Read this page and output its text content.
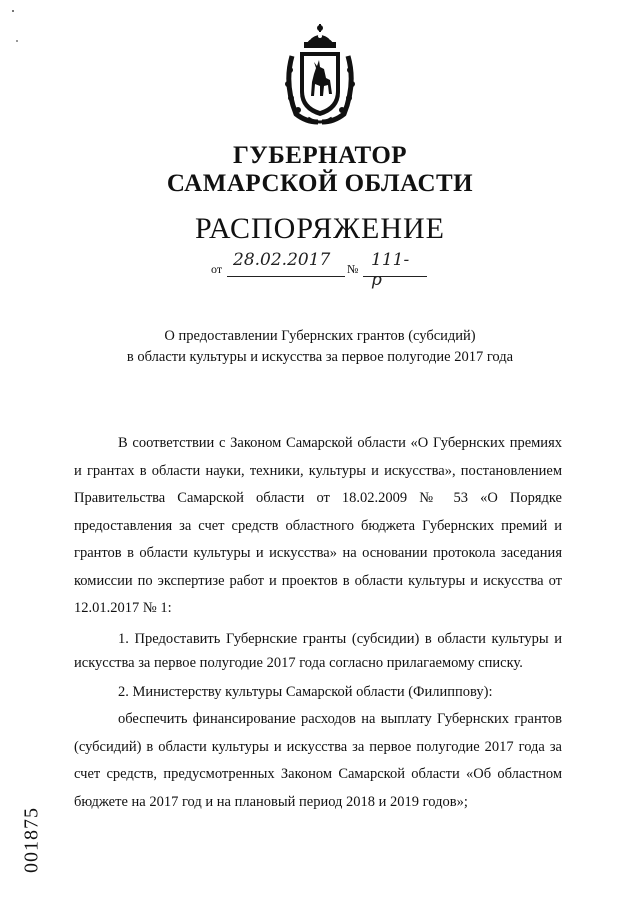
ГУБЕРНАТОР
САМАРСКОЙ ОБЛАСТИ
РАСПОРЯЖЕНИЕ
от 28.02.2017 № 111-р
О предоставлении Губернских грантов (субсидий)
в области культуры и искусства за первое полугодие 2017 года

В соответствии с Законом Самарской области «О Губернских премиях и грантах в области науки, техники, культуры и искусства», постановлением Правительства Самарской области от 18.02.2009 № 53 «О Порядке предоставления за счет средств областного бюджета Губернских премий и грантов в области культуры и искусства» на основании протокола заседания комиссии по экспертизе работ и проектов в области культуры и искусства от 12.01.2017 № 1:

1. Предоставить Губернские гранты (субсидии) в области культуры и искусства за первое полугодие 2017 года согласно прилагаемому списку.

2. Министерству культуры Самарской области (Филиппову):

обеспечить финансирование расходов на выплату Губернских грантов (субсидий) в области культуры и искусства за первое полугодие 2017 года за счет средств, предусмотренных Законом Самарской области «Об областном бюджете на 2017 год и на плановый период 2018 и 2019 годов»;

001875
